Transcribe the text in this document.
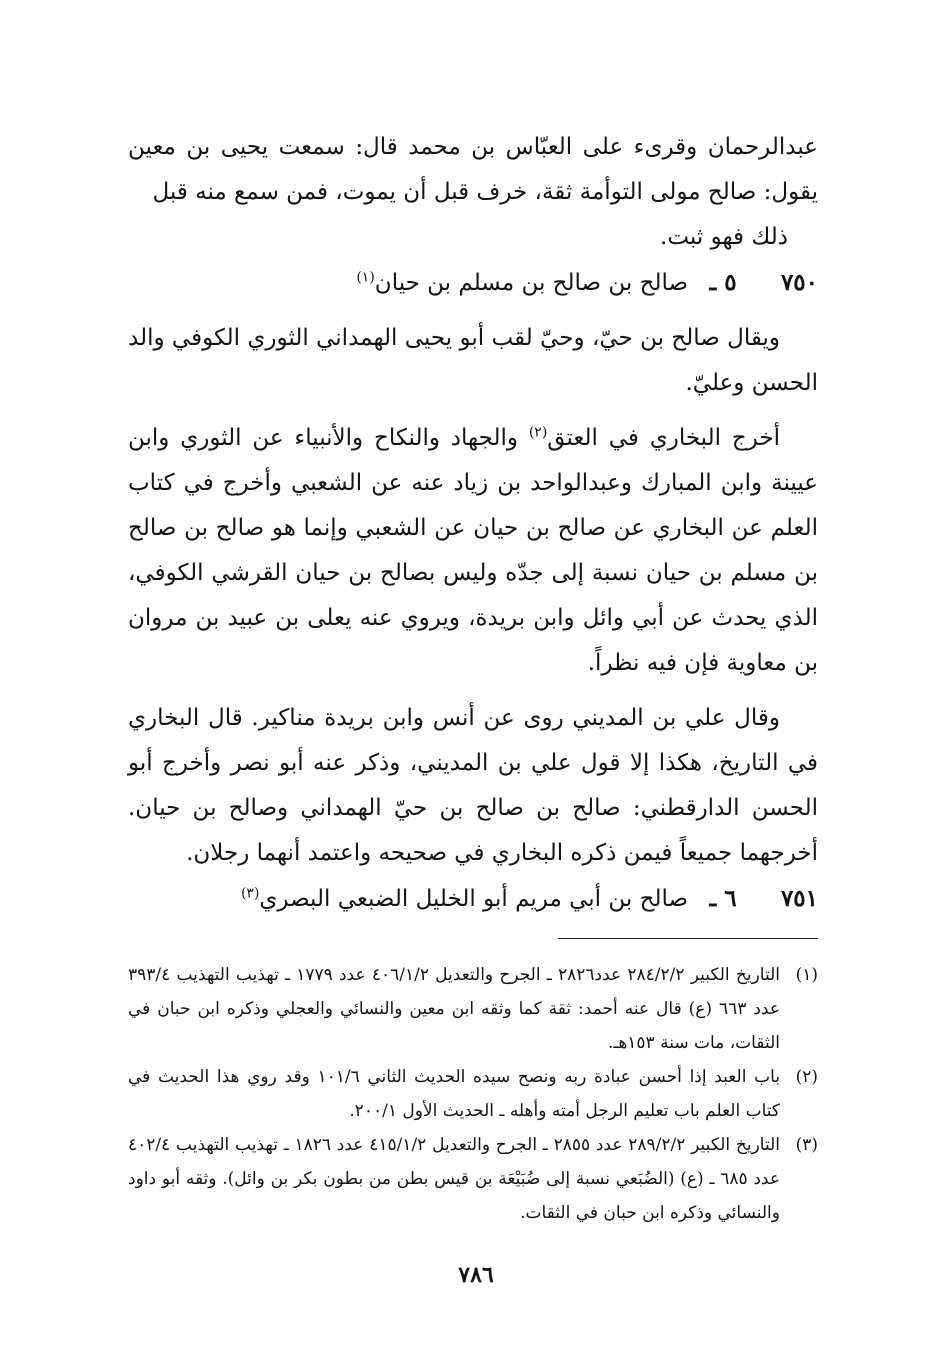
عبدالرحمان وقرىء على العبّاس بن محمد قال: سمعت يحيى بن معين يقول: صالح مولى التوأمة ثقة، خرف قبل أن يموت، فمن سمع منه قبل

ذلك فهو ثبت.

٧٥٠
٥ ـ
صالح بن صالح بن مسلم بن حيان$^{(١)}$

ويقال صالح بن حيّ، وحيّ لقب أبو يحيى الهمداني الثوري الكوفي والد الحسن وعليّ.

أخرج البخاري في العتق$^{(٢)}$ والجهاد والنكاح والأنبياء عن الثوري وابن عيينة وابن المبارك وعبدالواحد بن زياد عنه عن الشعبي وأخرج في كتاب العلم عن البخاري عن صالح بن حيان عن الشعبي وإنما هو صالح بن صالح بن مسلم بن حيان نسبة إلى جدّه وليس بصالح بن حيان القرشي الكوفي، الذي يحدث عن أبي وائل وابن بريدة، ويروي عنه يعلى بن عبيد بن مروان بن معاوية فإن فيه نظراً.

وقال علي بن المديني روى عن أنس وابن بريدة مناكير. قال البخاري في التاريخ، هكذا إلا قول علي بن المديني، وذكر عنه أبو نصر وأخرج أبو الحسن الدارقطني: صالح بن صالح بن حيّ الهمداني وصالح بن حيان. أخرجهما جميعاً فيمن ذكره البخاري في صحيحه واعتمد أنهما رجلان.

٧٥١
٦ ـ
صالح بن أبي مريم أبو الخليل الضبعي البصري$^{(٣)}$

(١)
التاريخ الكبير ٢٨٤/٢/٢ عدد٢٨٢٦ ـ الجرح والتعديل ٤٠٦/١/٢ عدد ١٧٧٩ ـ تهذيب التهذيب ٣٩٣/٤ عدد ٦٦٣ (ع) قال عنه أحمد: ثقة كما وثقه ابن معين والنسائي والعجلي وذكره ابن حبان في الثقات، مات سنة ١٥٣هـ.

(٢)
باب العبد إذا أحسن عبادة ربه ونصح سيده الحديث الثاني ١٠١/٦ وقد روي هذا الحديث في كتاب العلم باب تعليم الرجل أمته وأهله ـ الحديث الأول ٢٠٠/١.

(٣)
التاريخ الكبير ٢٨٩/٢/٢ عدد ٢٨٥٥ ـ الجرح والتعديل ٤١٥/١/٢ عدد ١٨٢٦ ـ تهذيب التهذيب ٤٠٢/٤ عدد ٦٨٥ ـ (ع) (الضُبَعي نسبة إلى ضُبَيْعَة بن قيس بطن من بطون بكر بن وائل). وثقه أبو داود والنسائي وذكره ابن حبان في الثقات.

٧٨٦
